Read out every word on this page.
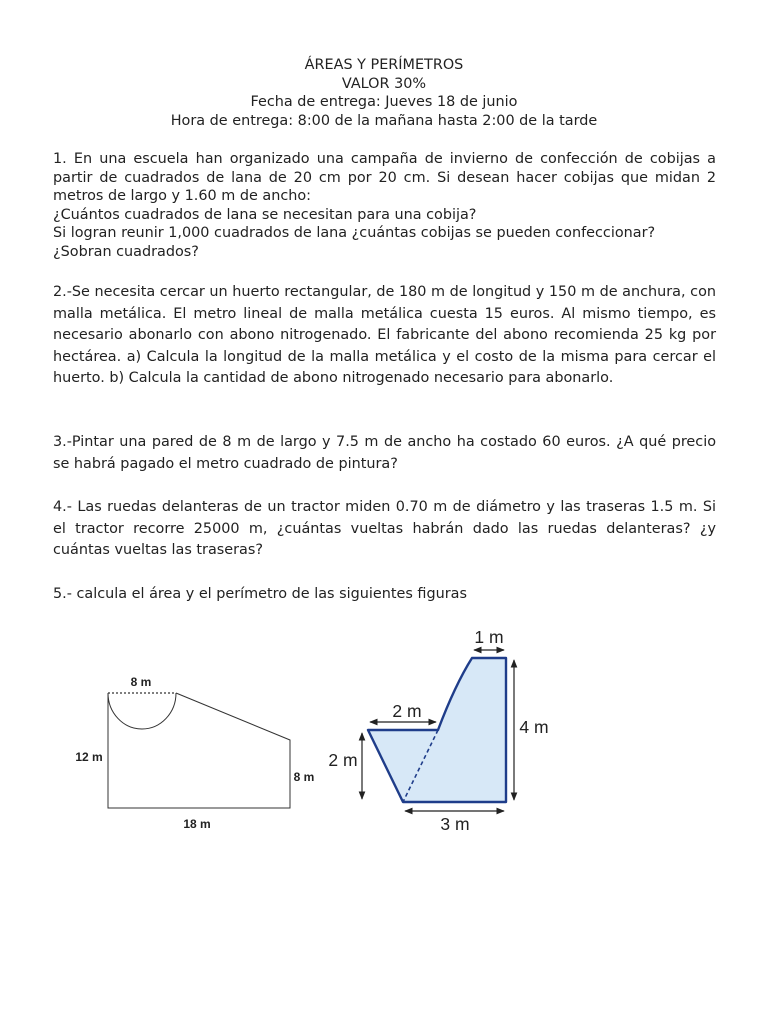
ÁREAS Y PERÍMETROS
VALOR 30%
Fecha de entrega: Jueves 18 de junio
Hora de entrega: 8:00 de la mañana hasta 2:00 de la tarde
1. En una escuela han organizado una campaña de invierno de confección de cobijas a partir de cuadrados de lana de 20 cm por 20 cm. Si desean hacer cobijas que midan 2 metros de largo y 1.60 m de ancho:
¿Cuántos cuadrados de lana se necesitan para una cobija?
Si logran reunir 1,000 cuadrados de lana ¿cuántas cobijas se pueden confeccionar?
¿Sobran cuadrados?
2.-Se necesita cercar un huerto rectangular, de 180 m de longitud y 150 m de anchura, con malla metálica. El metro lineal de malla metálica cuesta 15 euros. Al mismo tiempo, es necesario abonarlo con abono nitrogenado. El fabricante del abono recomienda 25 kg por hectárea. a) Calcula la longitud de la malla metálica y el costo de la misma para cercar el huerto. b) Calcula la cantidad de abono nitrogenado necesario para abonarlo.
3.-Pintar una pared de 8 m de largo y 7.5 m de ancho ha costado 60 euros. ¿A qué precio se habrá pagado el metro cuadrado de pintura?
4.- Las ruedas delanteras de un tractor miden 0.70 m de diámetro y las traseras 1.5 m. Si el tractor recorre 25000 m, ¿cuántas vueltas habrán dado las ruedas delanteras? ¿y cuántas vueltas las traseras?
5.- calcula el área y el perímetro de las siguientes figuras
8 m
12 m
8 m
18 m
1 m
4 m
2 m
2 m
3 m
